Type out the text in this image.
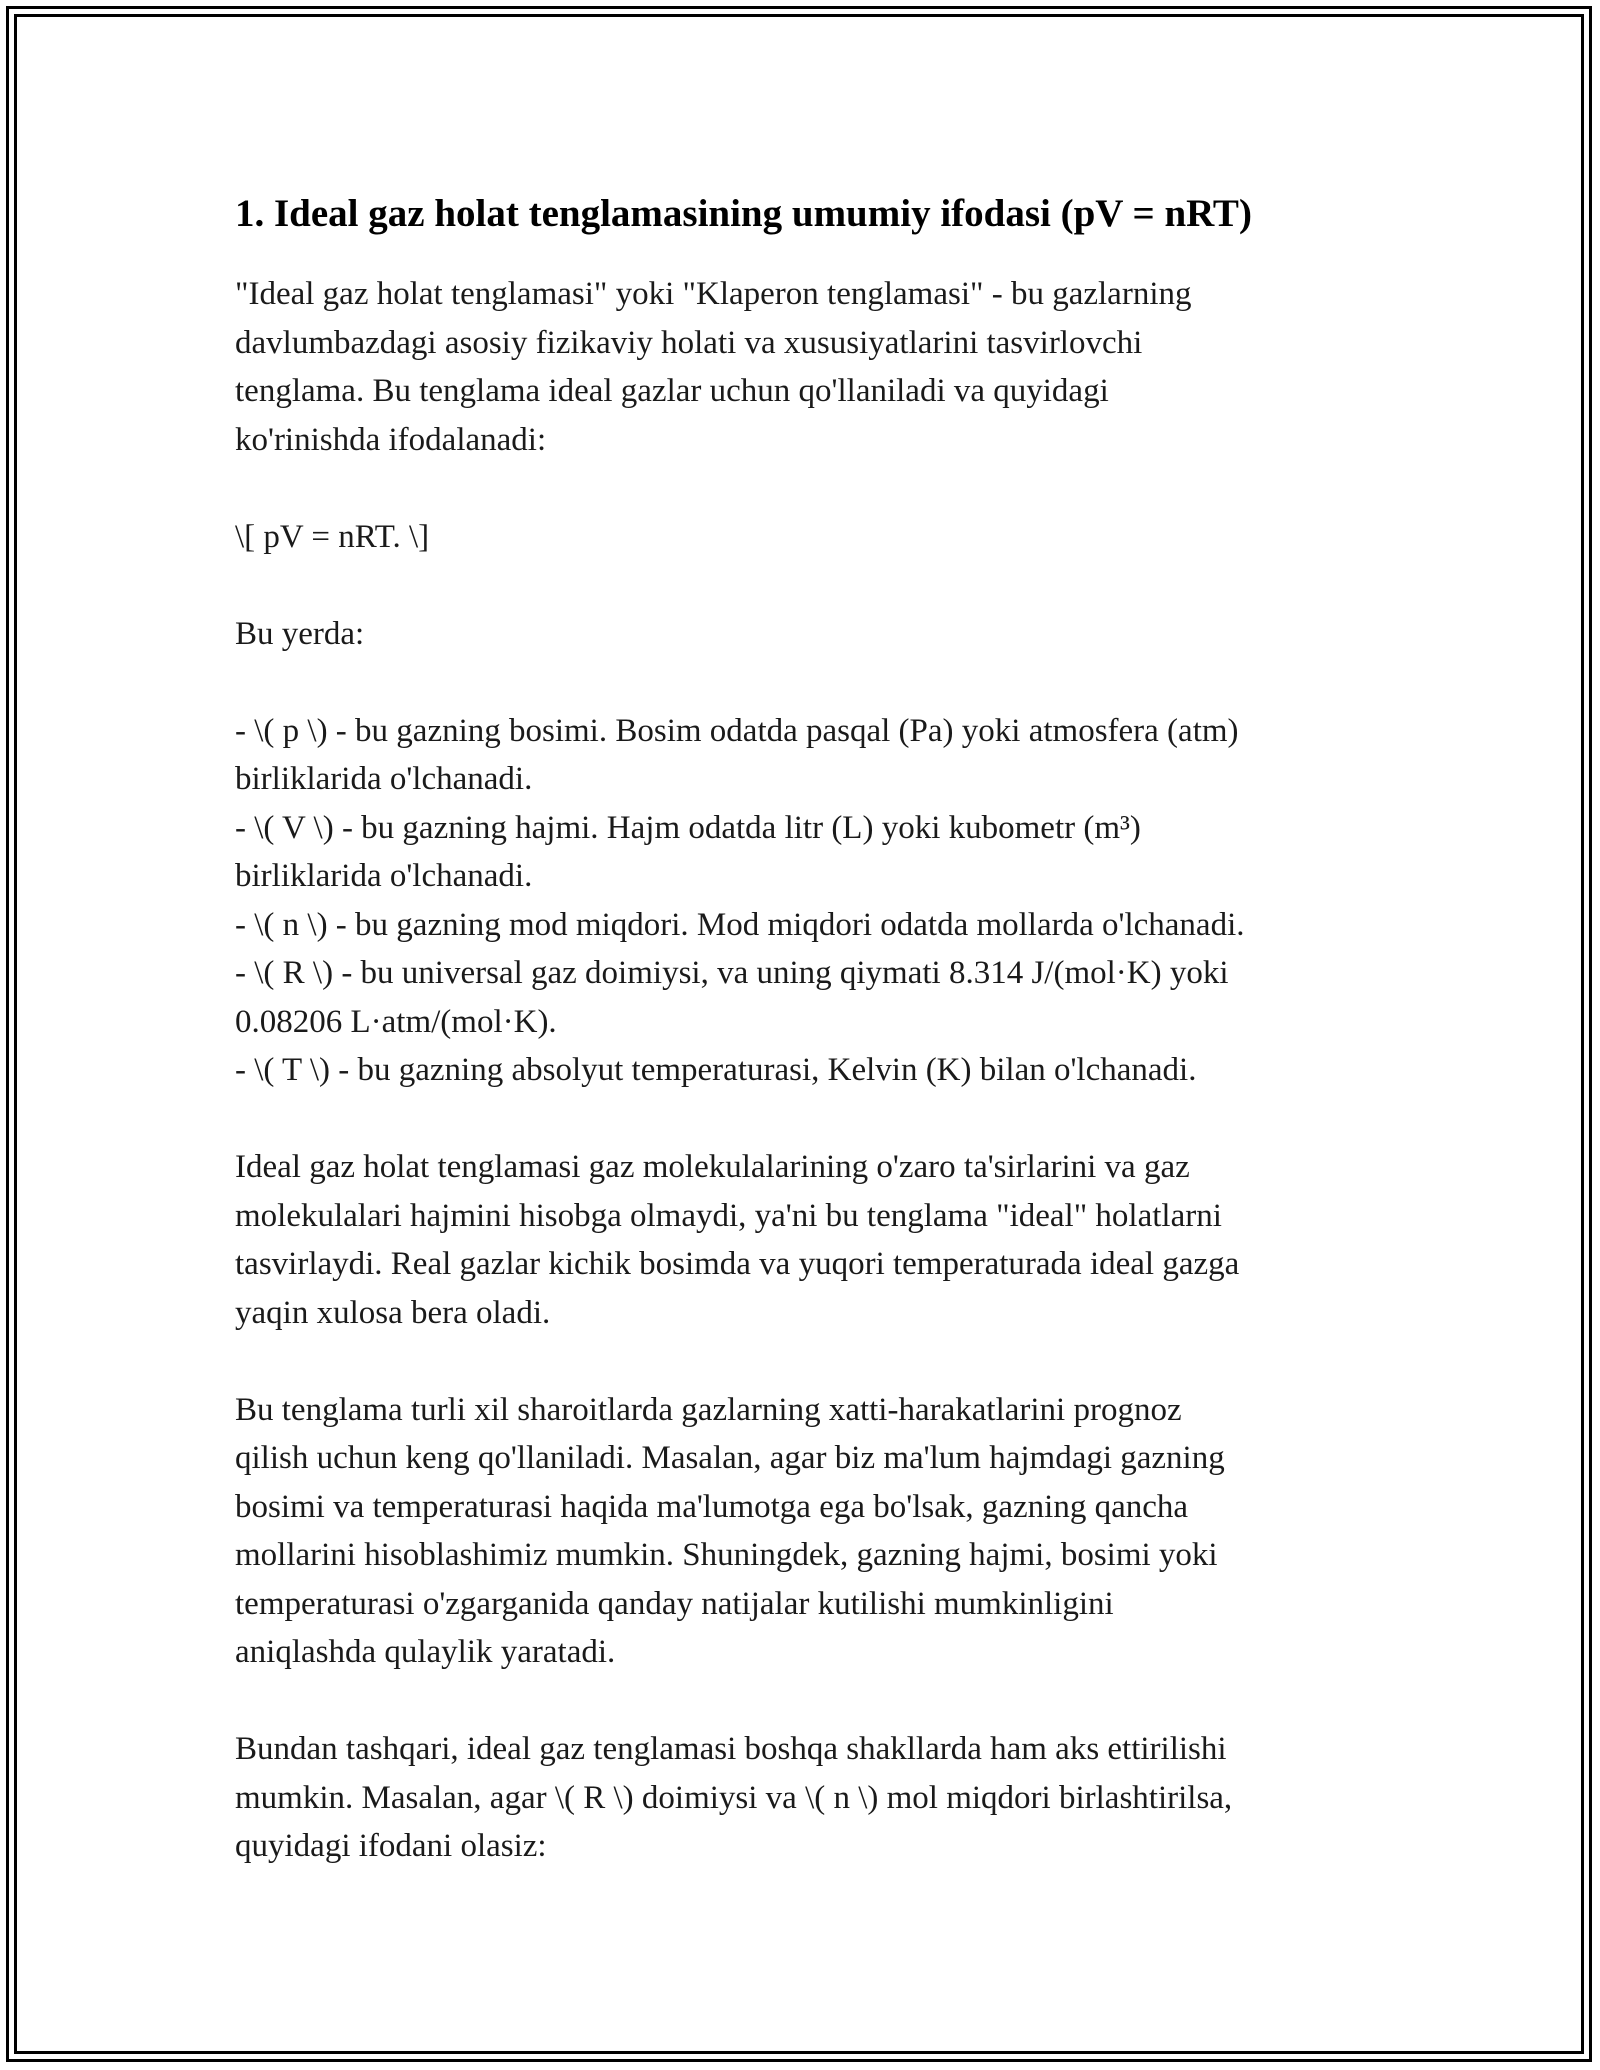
1. Ideal gaz holat tenglamasining umumiy ifodasi (pV = nRT)
"Ideal gaz holat tenglamasi" yoki "Klaperon tenglamasi" - bu gazlarning
davlumbazdagi asosiy fizikaviy holati va xususiyatlarini tasvirlovchi
tenglama. Bu tenglama ideal gazlar uchun qo'llaniladi va quyidagi
ko'rinishda ifodalanadi:
\[ pV = nRT. \]
Bu yerda:
- \( p \) - bu gazning bosimi. Bosim odatda pasqal (Pa) yoki atmosfera (atm)
birliklarida o'lchanadi.
- \( V \) - bu gazning hajmi. Hajm odatda litr (L) yoki kubometr (m³)
birliklarida o'lchanadi.
- \( n \) - bu gazning mod miqdori. Mod miqdori odatda mollarda o'lchanadi.
- \( R \) - bu universal gaz doimiysi, va uning qiymati 8.314 J/(mol·K) yoki
0.08206 L·atm/(mol·K).
- \( T \) - bu gazning absolyut temperaturasi, Kelvin (K) bilan o'lchanadi.
Ideal gaz holat tenglamasi gaz molekulalarining o'zaro ta'sirlarini va gaz
molekulalari hajmini hisobga olmaydi, ya'ni bu tenglama "ideal" holatlarni
tasvirlaydi. Real gazlar kichik bosimda va yuqori temperaturada ideal gazga
yaqin xulosa bera oladi.
Bu tenglama turli xil sharoitlarda gazlarning xatti-harakatlarini prognoz
qilish uchun keng qo'llaniladi. Masalan, agar biz ma'lum hajmdagi gazning
bosimi va temperaturasi haqida ma'lumotga ega bo'lsak, gazning qancha
mollarini hisoblashimiz mumkin. Shuningdek, gazning hajmi, bosimi yoki
temperaturasi o'zgarganida qanday natijalar kutilishi mumkinligini
aniqlashda qulaylik yaratadi.
Bundan tashqari, ideal gaz tenglamasi boshqa shakllarda ham aks ettirilishi
mumkin. Masalan, agar \( R \) doimiysi va \( n \) mol miqdori birlashtirilsa,
quyidagi ifodani olasiz:
